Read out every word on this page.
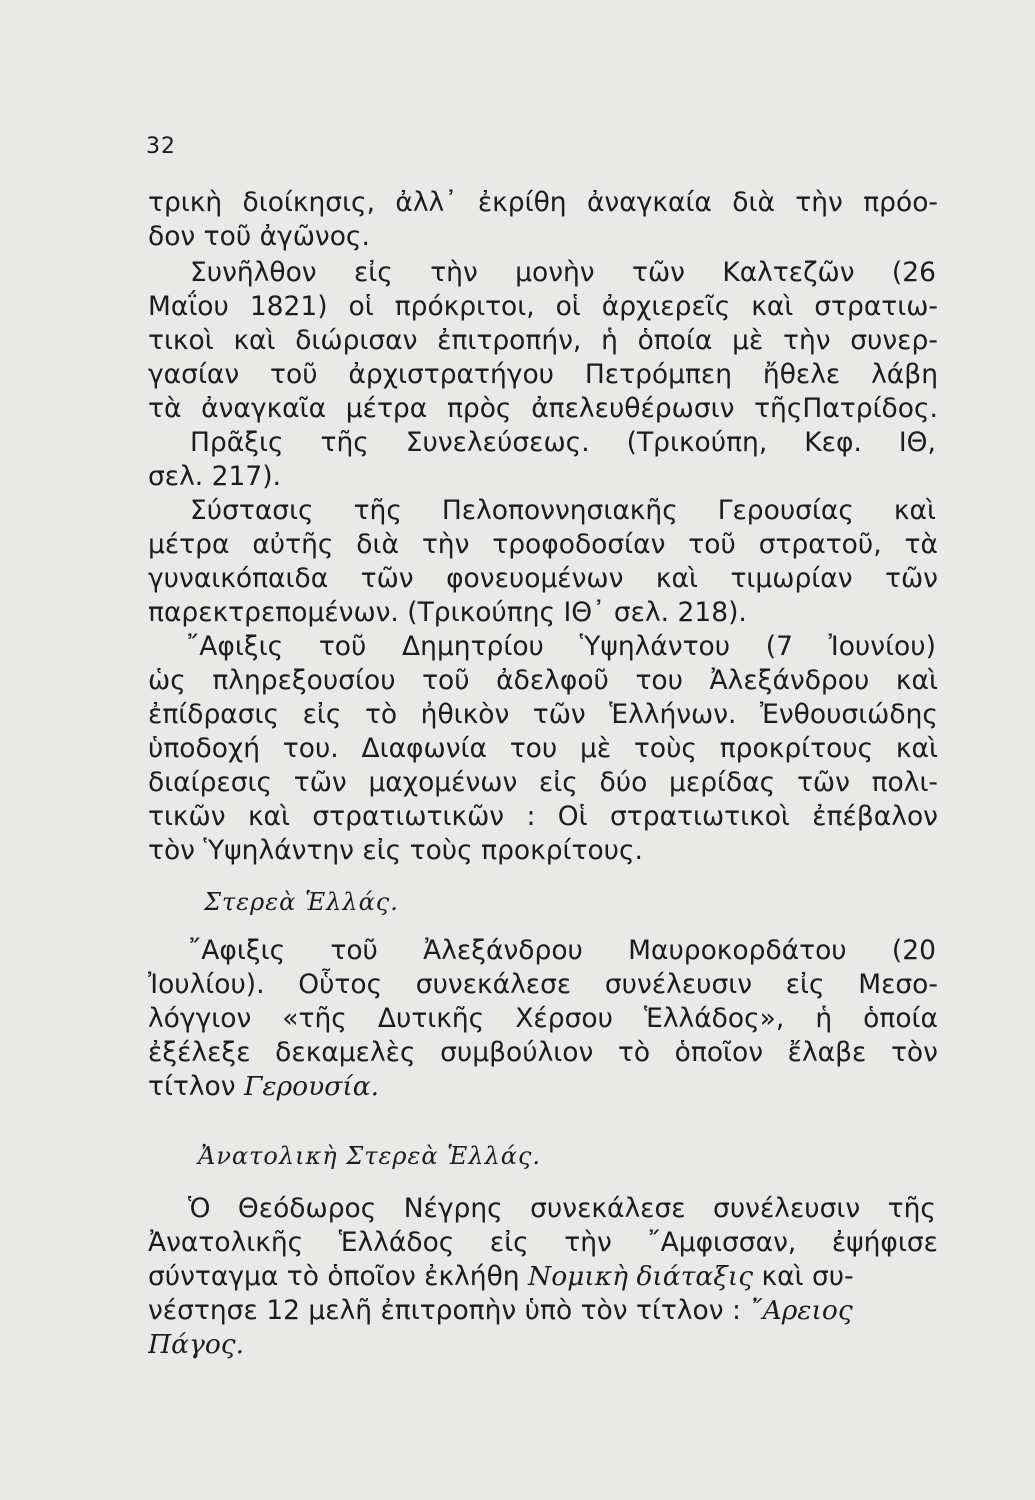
32
τρικὴ διοίκησις, ἀλλ᾽ ἐκρίθη ἀναγκαία διὰ τὴν πρόο-
δον τοῦ ἀγῶνος.
Συνῆλθον εἰς τὴν μονὴν τῶν Καλτεζῶν (26
Μαΐου 1821) οἱ πρόκριτοι, οἱ ἀρχιερεῖς καὶ στρατιω-
τικοὶ καὶ διώρισαν ἐπιτροπήν, ἡ ὁποία μὲ τὴν συνερ-
γασίαν τοῦ ἀρχιστρατήγου Πετρόμπεη ἤθελε λάβη
τὰ ἀναγκαῖα μέτρα πρὸς ἀπελευθέρωσιν τῆςΠατρίδος.
Πρᾶξις τῆς Συνελεύσεως. (Τρικούπη, Κεφ. ΙΘ,
σελ. 217).
Σύστασις τῆς Πελοποννησιακῆς Γερουσίας καὶ
μέτρα αὐτῆς διὰ τὴν τροφοδοσίαν τοῦ στρατοῦ, τὰ
γυναικόπαιδα τῶν φονευομένων καὶ τιμωρίαν τῶν
παρεκτρεπομένων. (Τρικούπης ΙΘ᾽ σελ. 218).
῎Αφιξις τοῦ Δημητρίου Ὑψηλάντου (7 Ἰουνίου)
ὡς πληρεξουσίου τοῦ ἀδελφοῦ του Ἀλεξάνδρου καὶ
ἐπίδρασις εἰς τὸ ἠθικὸν τῶν Ἑλλήνων. Ἐνθουσιώδης
ὑποδοχή του. Διαφωνία του μὲ τοὺς προκρίτους καὶ
διαίρεσις τῶν μαχομένων εἰς δύο μερίδας τῶν πολι-
τικῶν καὶ στρατιωτικῶν : Οἱ στρατιωτικοὶ ἐπέβαλον
τὸν Ὑψηλάντην εἰς τοὺς προκρίτους.
Στερεὰ Ἑλλάς.
῎Αφιξις τοῦ Ἀλεξάνδρου Μαυροκορδάτου (20
Ἰουλίου). Οὗτος συνεκάλεσε συνέλευσιν εἰς Μεσο-
λόγγιον «τῆς Δυτικῆς Χέρσου Ἑλλάδος», ἡ ὁποία
ἐξέλεξε δεκαμελὲς συμβούλιον τὸ ὁποῖον ἔλαβε τὸν
τίτλον Γερουσία.
Ἀνατολικὴ Στερεὰ Ἑλλάς.
Ὁ Θεόδωρος Νέγρης συνεκάλεσε συνέλευσιν τῆς
Ἀνατολικῆς Ἑλλάδος εἰς τὴν ῎Αμφισσαν, ἐψήφισε
σύνταγμα τὸ ὁποῖον ἐκλήθη Νομικὴ διάταξις καὶ συ-
νέστησε 12 μελῆ ἐπιτροπὴν ὑπὸ τὸν τίτλον : ῎Αρειος
Πάγος.
